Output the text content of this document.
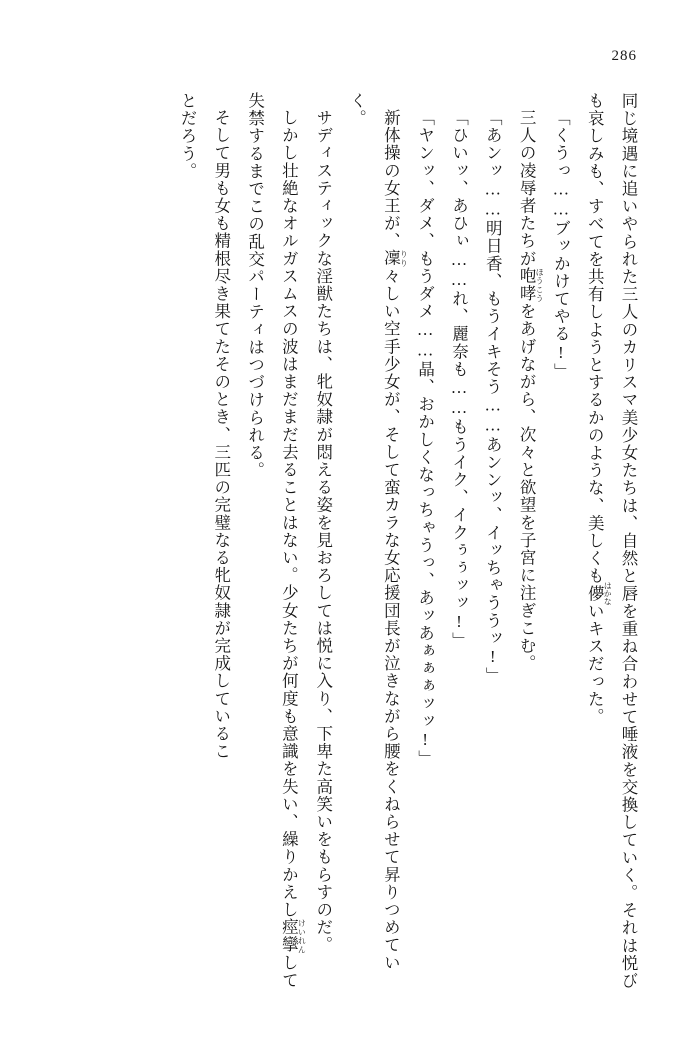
286

同じ境遇に追いやられた三人のカリスマ美少女たちは、自然と唇を重ね合わせて唾液を交換していく。それは悦びも哀しみも、すべてを共有しようとするかのような、美しくも儚 はかないキスだった。

「くうっ……ブッかけてやる!」

三人の凌辱者たちが咆哮 ほうこうをあげながら、次々と欲望を子宮に注ぎこむ。

「あンッ……明日香、もうイキそう……あンンッ、イッちゃううッ!」

「ひいッ、あひぃ……れ、麗奈も……もうイク、イクぅぅッッ!」

「ヤンッ、ダメ、もうダメ……晶、おかしくなっちゃうっ、あッあぁぁぁッッ!」

新体操の女王が、凜 りり々しい空手少女が、そして蛮カラな女応援団長が泣きながら腰をくねらせて昇りつめていく。

サディスティックな淫獣たちは、牝奴隷が悶える姿を見おろしては悦に入り、下卑た高笑いをもらすのだ。

しかし壮絶なオルガスムスの波はまだまだ去ることはない。少女たちが何度も意識を失い、繰りかえし痙攣 けいれんして失禁するまでこの乱交パーティはつづけられる。

そして男も女も精根尽き果てたそのとき、三匹の完璧なる牝奴隷が完成しているこ

とだろう。
